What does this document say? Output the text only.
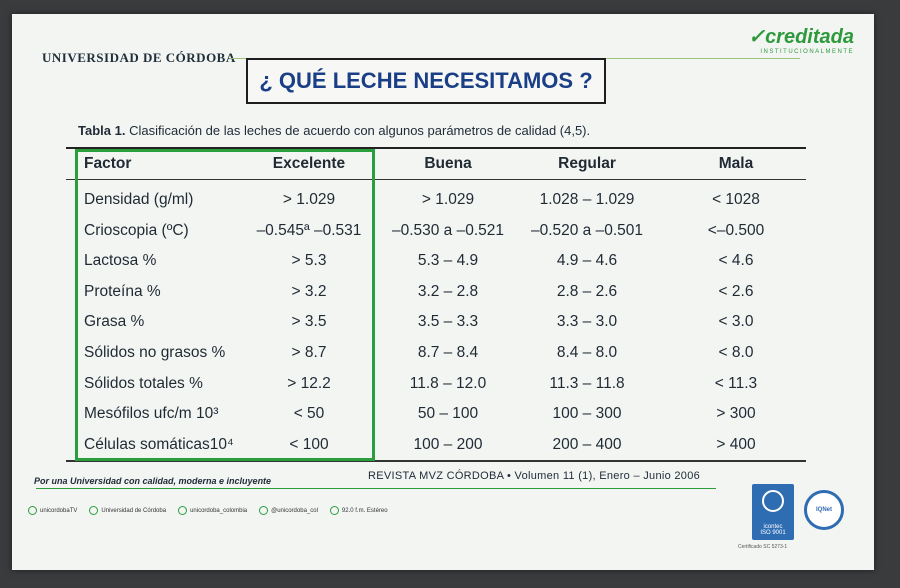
UNIVERSIDAD DE CÓRDOBA
✓creditada
INSTITUCIONALMENTE
¿ QUÉ LECHE NECESITAMOS ?
Tabla 1. Clasificación de las leches de acuerdo con algunos parámetros de calidad (4,5).
Factor	Excelente	Buena	Regular	Mala
Densidad (g/ml)	> 1.029	> 1.029	1.028 – 1.029	< 1028
Crioscopia (ºC)	–0.545ª –0.531	–0.530 a –0.521	–0.520 a –0.501	<–0.500
Lactosa %	> 5.3	5.3 – 4.9	4.9 – 4.6	< 4.6
Proteína %	> 3.2	3.2 – 2.8	2.8 – 2.6	< 2.6
Grasa %	> 3.5	3.5 – 3.3	3.3 – 3.0	< 3.0
Sólidos no grasos %	> 8.7	8.7 – 8.4	8.4 – 8.0	< 8.0
Sólidos totales %	> 12.2	11.8 – 12.0	11.3 – 11.8	< 11.3
Mesófilos ufc/m 10³	< 50	50 – 100	100 – 300	> 300
Células somáticas10⁴	< 100	100 – 200	200 – 400	> 400
REVISTA MVZ CÓRDOBA • Volumen 11 (1), Enero – Junio 2006
Por una Universidad con calidad, moderna e incluyente
unicordobaTV	Universidad de Córdoba	unicordoba_colombia	@unicordoba_col	92.0 f.m. Estéreo
icontec
ISO 9001
IQNet
Certificado SC 5273-1
